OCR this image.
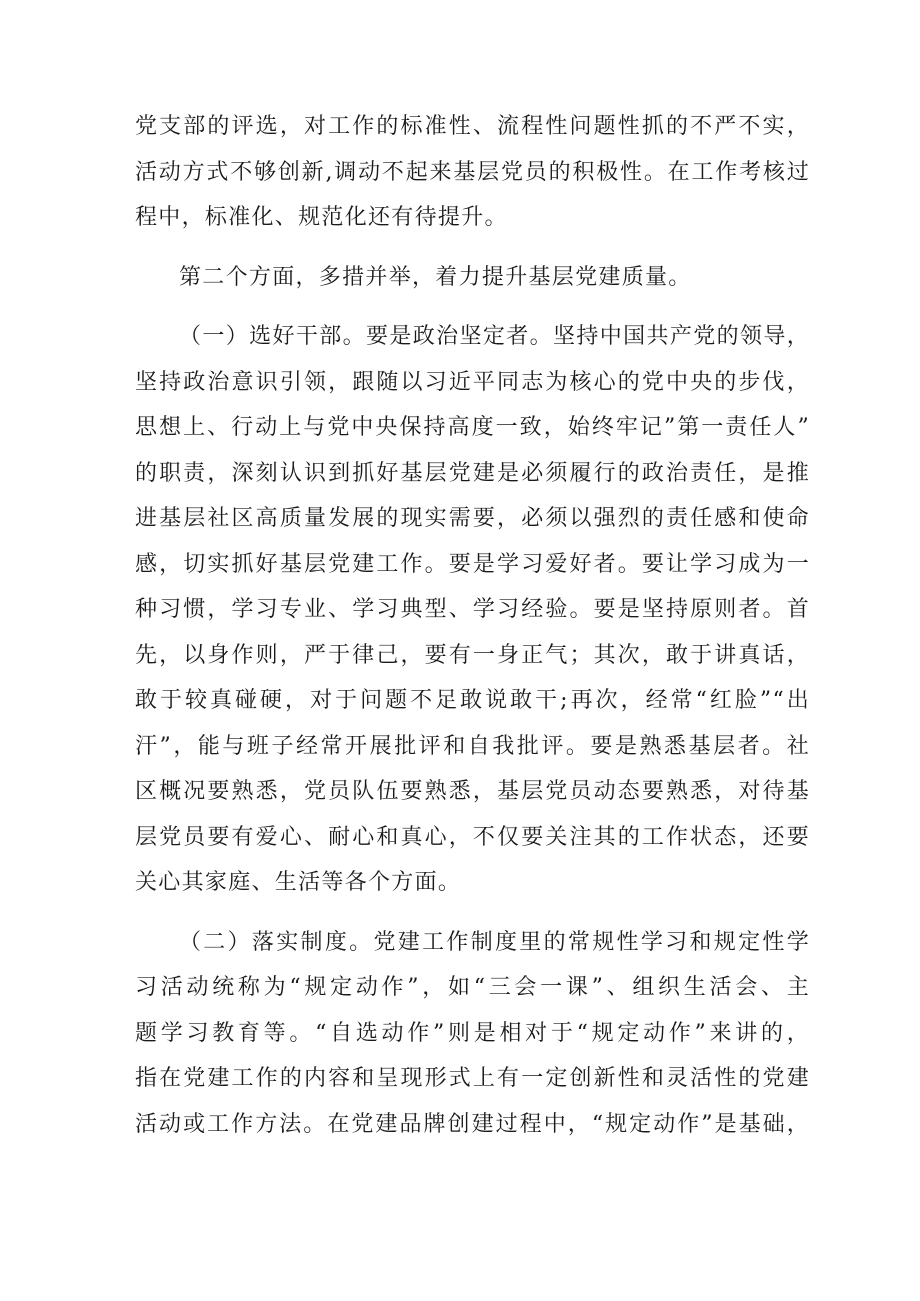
党支部的评选，对工作的标准性、流程性问题性抓的不严不实，
活动方式不够创新,调动不起来基层党员的积极性。在工作考核过
程中，标准化、规范化还有待提升。
第二个方面，多措并举，着力提升基层党建质量。
（一）选好干部。要是政治坚定者。坚持中国共产党的领导，
坚持政治意识引领，跟随以习近平同志为核心的党中央的步伐，
思想上、行动上与党中央保持高度一致，始终牢记”第一责任人”
的职责，深刻认识到抓好基层党建是必须履行的政治责任，是推
进基层社区高质量发展的现实需要，必须以强烈的责任感和使命
感，切实抓好基层党建工作。要是学习爱好者。要让学习成为一
种习惯，学习专业、学习典型、学习经验。要是坚持原则者。首
先，以身作则，严于律己，要有一身正气；其次，敢于讲真话，
敢于较真碰硬，对于问题不足敢说敢干;再次，经常“红脸”“出
汗”，能与班子经常开展批评和自我批评。要是熟悉基层者。社
区概况要熟悉，党员队伍要熟悉，基层党员动态要熟悉，对待基
层党员要有爱心、耐心和真心，不仅要关注其的工作状态，还要
关心其家庭、生活等各个方面。
（二）落实制度。党建工作制度里的常规性学习和规定性学
习活动统称为“规定动作”，如“三会一课”、组织生活会、主
题学习教育等。“自选动作”则是相对于“规定动作”来讲的，
指在党建工作的内容和呈现形式上有一定创新性和灵活性的党建
活动或工作方法。在党建品牌创建过程中，“规定动作”是基础，
